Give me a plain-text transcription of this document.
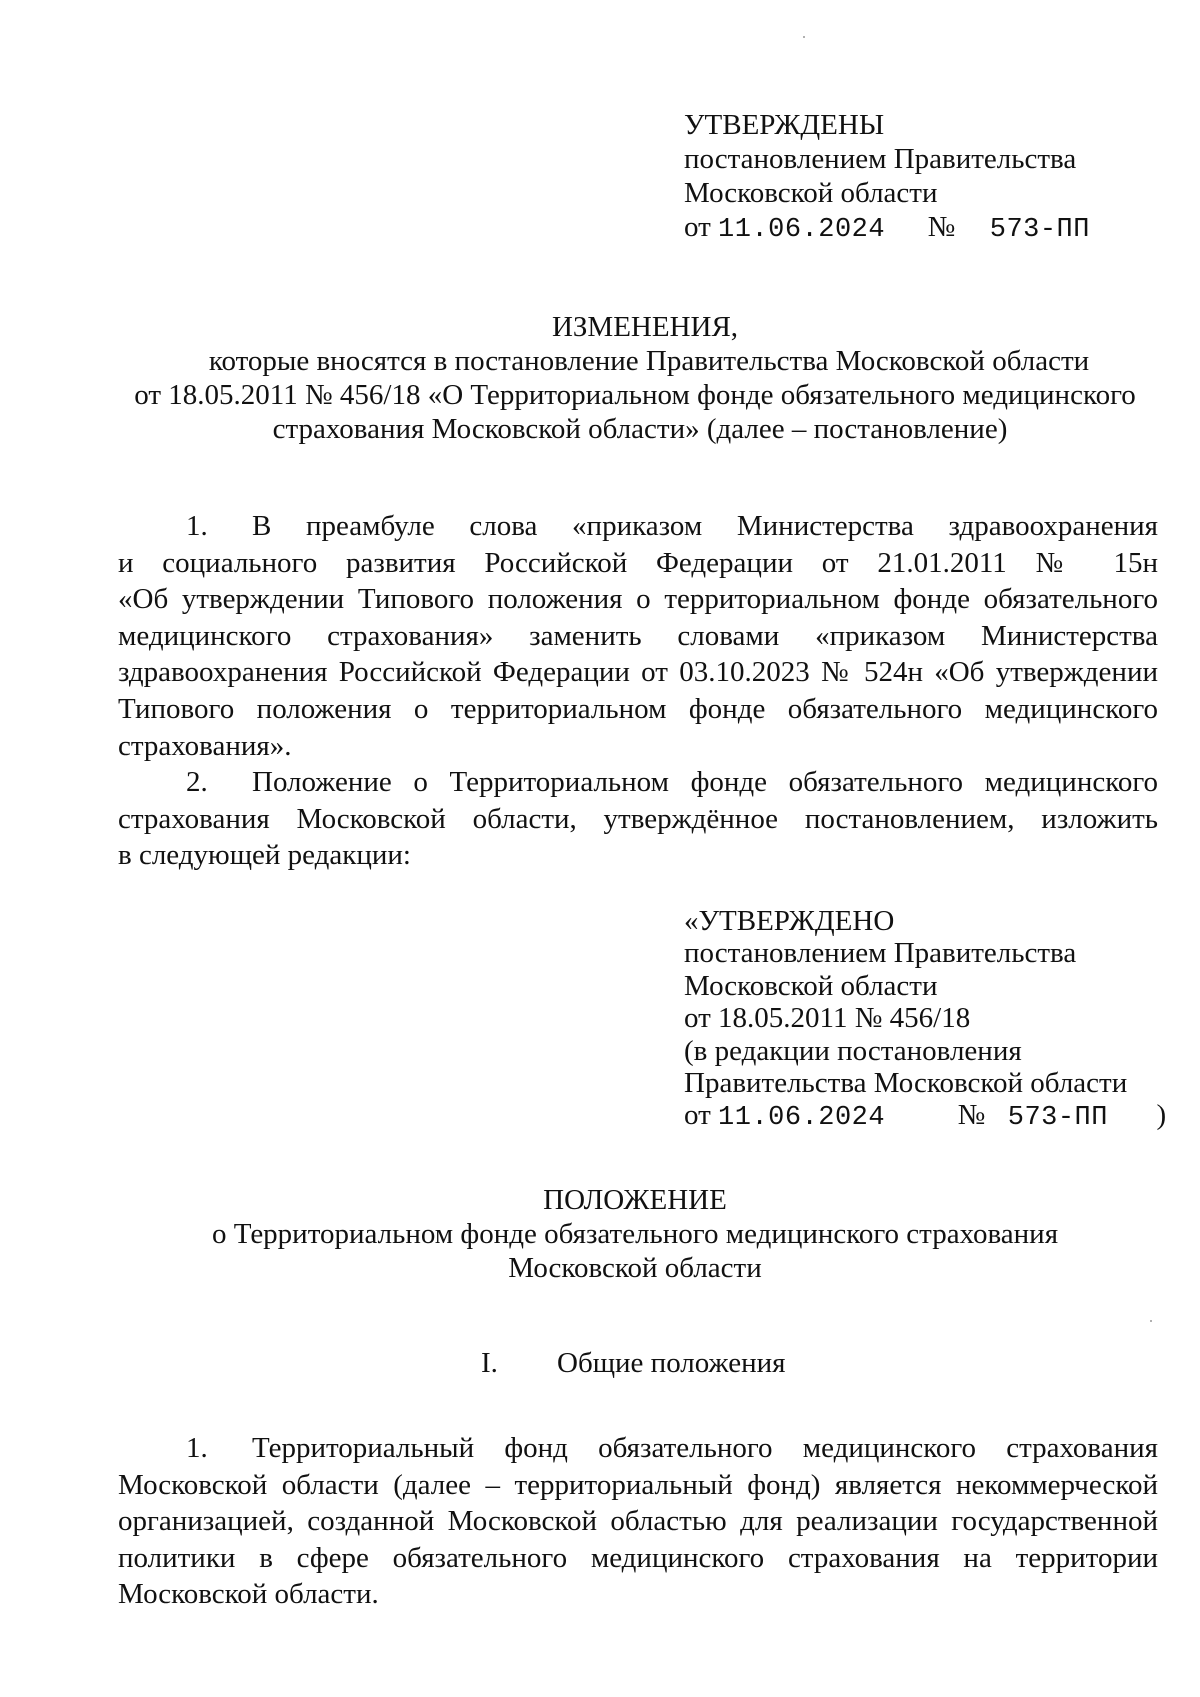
УТВЕРЖДЕНЫ
постановлением Правительства
Московской области
от 11.06.2024 № 573-ПП
ИЗМЕНЕНИЯ,
которые вносятся в постановление Правительства Московской области
от 18.05.2011 № 456/18 «О Территориальном фонде обязательного медицинского
страхования Московской области» (далее – постановление)
1. В преамбуле слова «приказом Министерства здравоохранения
и социального развития Российской Федерации от 21.01.2011 № 15н
«Об утверждении Типового положения о территориальном фонде обязательного
медицинского страхования» заменить словами «приказом Министерства
здравоохранения Российской Федерации от 03.10.2023 № 524н «Об утверждении
Типового положения о территориальном фонде обязательного медицинского
страхования».
2. Положение о Территориальном фонде обязательного медицинского
страхования Московской области, утверждённое постановлением, изложить
в следующей редакции:
«УТВЕРЖДЕНО
постановлением Правительства
Московской области
от 18.05.2011 № 456/18
(в редакции постановления
Правительства Московской области
от 11.06.2024	№ 573-ПП )
ПОЛОЖЕНИЕ
о Территориальном фонде обязательного медицинского страхования
Московской области
I. Общие положения
1. Территориальный фонд обязательного медицинского страхования
Московской области (далее – территориальный фонд) является некоммерческой
организацией, созданной Московской областью для реализации государственной
политики в сфере обязательного медицинского страхования на территории
Московской области.
